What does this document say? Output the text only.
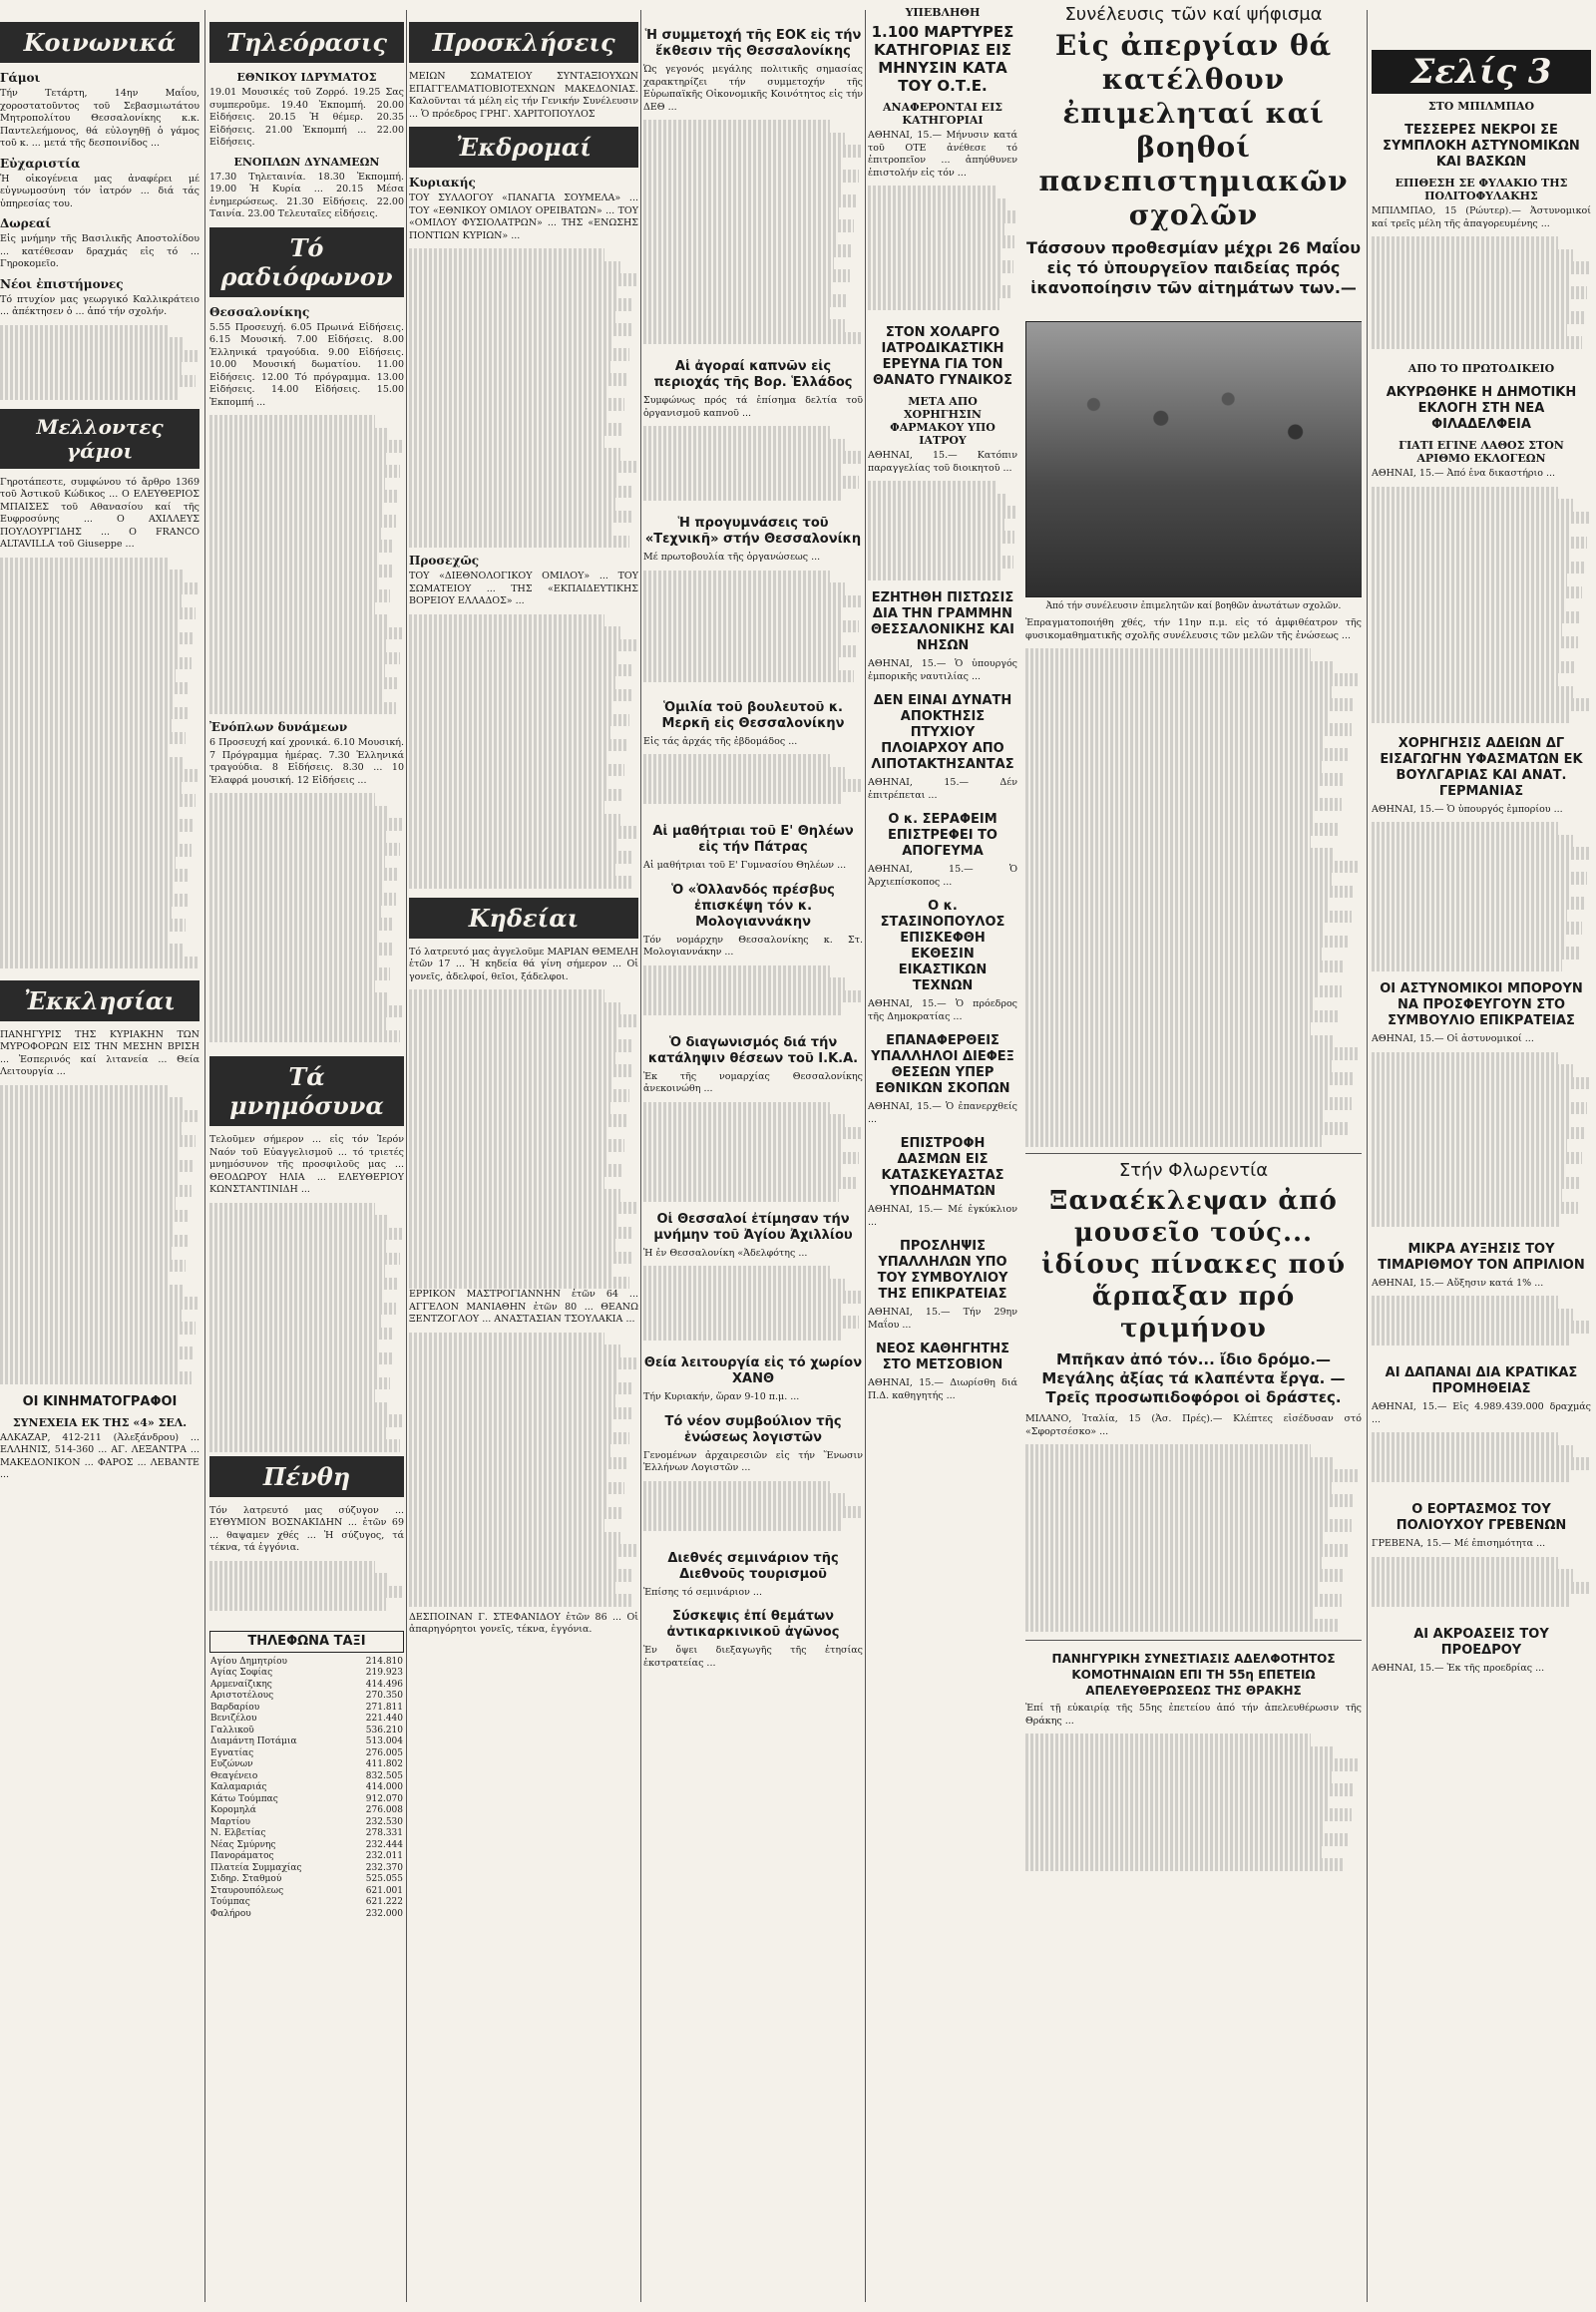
Κοινωνικά
Γάμοι

Τήν Τετάρτη, 14ην Μαΐου, χοροστατοῦντος τοῦ Σεβασμιωτάτου Μητροπολίτου Θεσσαλονίκης κ.κ. Παντελεήμονος, θά εὐλογηθῇ ὁ γάμος τοῦ κ. ... μετά τῆς δεσποινίδος ...

Εὐχαριστία

Ἡ οἰκογένεια μας ἀναφέρει μέ εὐγνωμοσύνη τόν ἰατρόν ... διά τάς ὑπηρεσίας του.

Δωρεαί

Εἰς μνήμην τῆς Βασιλικῆς Αποστολίδου ... κατέθεσαν δραχμάς εἰς τό ... Γηροκομεῖο.

Νέοι ἐπιστήμονες

Τό πτυχίον μας γεωργικό Καλλικράτειο ... ἀπέκτησεν ὁ ... ἀπό τήν σχολήν.

Μελλοντες γάμοι

Γηροτάπεστε, συμφώνου τό ἄρθρο 1369 τοῦ Ἀστικοῦ Κώδικος ... Ο ΕΛΕΥΘΕΡΙΟΣ ΜΠΑΙΣΕΣ τοῦ Αθανασίου καί τῆς Ευφροσύνης ... Ο ΑΧΙΛΛΕΥΣ ΠΟΥΛΟΥΡΓΙΔΗΣ ... Ο FRANCO ALTAVILLA τοῦ Giuseppe ...

Ἐκκλησίαι

ΠΑΝΗΓΥΡΙΣ ΤΗΣ ΚΥΡΙΑΚΗΝ ΤΩΝ ΜΥΡΟΦΟΡΩΝ ΕΙΣ ΤΗΝ ΜΕΣΗΝ ΒΡΙΣΗ ... Ἐσπερινός καί λιτανεία ... Θεία Λειτουργία ...

ΟΙ ΚΙΝΗΜΑΤΟΓΡΑΦΟΙ
ΣΥΝΕΧΕΙΑ ΕΚ ΤΗΣ «4» ΣΕΛ.

ΑΛΚΑΖΑΡ, 412-211 (Ἀλεξάνδρου) ... ΕΛΛΗΝΙΣ, 514-360 ... ΑΓ. ΛΕΞΑΝΤΡΑ ... ΜΑΚΕΔΟΝΙΚΟΝ ... ΦΑΡΟΣ ... ΛΕΒΑΝΤΕ ...

Τηλεόρασις
ΕΘΝΙΚΟΥ ΙΔΡΥΜΑΤΟΣ

19.01 Μουσικές τοῦ Ζορρό. 19.25 Σας συμπεροῦμε. 19.40 Ἐκπομπή. 20.00 Εἰδήσεις. 20.15 Ἡ θέμερ. 20.35 Εἰδήσεις. 21.00 Ἐκπομπή ... 22.00 Εἰδήσεις.

ΕΝΟΠΛΩΝ ΔΥΝΑΜΕΩΝ

17.30 Τηλεταινία. 18.30 Ἐκπομπή. 19.00 Ἡ Κυρία ... 20.15 Μέσα ἐνημερώσεως. 21.30 Εἰδήσεις. 22.00 Ταινία. 23.00 Τελευταῖες εἰδήσεις.

Τό ραδιόφωνον
Θεσσαλονίκης

5.55 Προσευχή. 6.05 Πρωινά Εἰδήσεις. 6.15 Μουσική. 7.00 Εἰδήσεις. 8.00 Ἑλληνικά τραγούδια. 9.00 Εἰδήσεις. 10.00 Μουσική δωματίου. 11.00 Εἰδήσεις. 12.00 Τό πρόγραμμα. 13.00 Εἰδήσεις. 14.00 Εἰδήσεις. 15.00 Ἐκπομπή ...

Ἐνόπλων δυνάμεων

6 Προσευχή καί χρονικά. 6.10 Μουσική. 7 Πρόγραμμα ἡμέρας. 7.30 Ἑλληνικά τραγούδια. 8 Εἰδήσεις. 8.30 ... 10 Ἐλαφρά μουσική. 12 Εἰδήσεις ...

Τά μνημόσυνα

Τελοῦμεν σήμερον ... εἰς τόν Ἱερόν Ναόν τοῦ Εὐαγγελισμοῦ ... τό τριετές μνημόσυνον τῆς προσφιλοῦς μας ... ΘΕΟΔΩΡΟΥ ΗΛΙΑ ... ΕΛΕΥΘΕΡΙΟΥ ΚΩΝΣΤΑΝΤΙΝΙΔΗ ...

Πένθη

Τόν λατρευτό μας σύζυγον ... ΕΥΘΥΜΙΟΝ ΒΟΣΝΑΚΙΔΗΝ ... ἐτῶν 69 ... θαψαμεν χθές ... Ἡ σύζυγος, τά τέκνα, τά ἐγγόνια.

ΤΗΛΕΦΩΝΑ ΤΑΞΙ
Αγίου Δημητρίου	214.810
Αγίας Σοφίας	219.923
Αρμεναίζικης	414.496
Αριστοτέλους	270.350
Βαρδαρίου	271.811
Βενιζέλου	221.440
Γαλλικοῦ	536.210
Διαμάντη Ποτάμια	513.004
Εγνατίας	276.005
Ευζώνων	411.802
Θεαγένειο	832.505
Καλαμαριάς	414.000
Κάτω Τούμπας	912.070
Κορομηλά	276.008
Μαρτίου	232.530
Ν. Ελβετίας	278.331
Νέας Σμύρνης	232.444
Πανοράματος	232.011
Πλατεία Συμμαχίας	232.370
Σιδηρ. Σταθμού	525.055
Σταυρουπόλεως	621.001
Τούμπας	621.222
Φαλήρου	232.000
Προσκλήσεις

ΜΕΙΩΝ ΣΩΜΑΤΕΙΟΥ ΣΥΝΤΑΞΙΟΥΧΩΝ ΕΠΑΓΓΕΛΜΑΤΙΟΒΙΟΤΕΧΝΩΝ ΜΑΚΕΔΟΝΙΑΣ. Καλοῦνται τά μέλη εἰς τήν Γενικήν Συνέλευσιν ... Ὁ πρόεδρος ΓΡΗΓ. ΧΑΡΙΤΟΠΟΥΛΟΣ

Ἐκδρομαί
Κυριακής

ΤΟΥ ΣΥΛΛΟΓΟΥ «ΠΑΝΑΓΙΑ ΣΟΥΜΕΛΑ» ... ΤΟΥ «ΕΘΝΙΚΟΥ ΟΜΙΛΟΥ ΟΡΕΙΒΑΤΩΝ» ... ΤΟΥ «ΟΜΙΛΟΥ ΦΥΣΙΟΛΑΤΡΩΝ» ... ΤΗΣ «ΕΝΩΣΗΣ ΠΟΝΤΙΩΝ ΚΥΡΙΩΝ» ...

Προσεχῶς

ΤΟΥ «ΔΙΕΘΝΟΛΟΓΙΚΟΥ ΟΜΙΛΟΥ» ... ΤΟΥ ΣΩΜΑΤΕΙΟΥ ... ΤΗΣ «ΕΚΠΑΙΔΕΥΤΙΚΗΣ ΒΟΡΕΙΟΥ ΕΛΛΑΔΟΣ» ...

Κηδείαι

Τό λατρευτό μας ἀγγελοῦμε ΜΑΡΙΑΝ ΘΕΜΕΛΗ ἐτῶν 17 ... Ἡ κηδεία θά γίνη σήμερον ... Οἱ γονεῖς, ἀδελφοί, θεῖοι, ξάδελφοι.

ΕΡΡΙΚΟΝ ΜΑΣΤΡΟΓΙΑΝΝΗΝ ἐτῶν 64 ... ΑΓΓΕΛΟΝ ΜΑΝΙΑΘΗΝ ἐτῶν 80 ... ΘΕΑΝΩ ΞΕΝΤΖΟΓΛΟΥ ... ΑΝΑΣΤΑΣΙΑΝ ΤΣΟΥΛΑΚΙΑ ...

ΔΕΣΠΟΙΝΑΝ Γ. ΣΤΕΦΑΝΙΔΟΥ ἐτῶν 86 ... Οἱ ἀπαρηγόρητοι γονεῖς, τέκνα, ἐγγόνια.

Ἡ συμμετοχή τῆς ΕΟΚ εἰς τήν ἔκθεσιν τῆς Θεσσαλονίκης

Ὡς γεγονός μεγάλης πολιτικῆς σημασίας χαρακτηρίζει τήν συμμετοχήν τῆς Εὐρωπαϊκῆς Οἰκονομικῆς Κοινότητος εἰς τήν ΔΕΘ ...

Αἱ ἀγοραί καπνῶν εἰς περιοχάς τῆς Βορ. Ἑλλάδος

Συμφώνως πρός τά ἐπίσημα δελτία τοῦ ὀργανισμοῦ καπνοῦ ...

Ἡ προγυμνάσεις τοῦ «Τεχνικῆ» στήν Θεσσαλονίκη

Μέ πρωτοβουλία τῆς ὀργανώσεως ...

Ὁμιλία τοῦ βουλευτοῦ κ. Μερκῆ εἰς Θεσσαλονίκην

Εἰς τάς ἀρχάς τῆς ἐβδομάδος ...

Αἱ μαθήτριαι τοῦ Ε' Θηλέων εἰς τήν Πάτρας

Αἱ μαθήτριαι τοῦ Ε' Γυμνασίου Θηλέων ...

Ὁ «Ὀλλανδός πρέσβυς ἐπισκέψη τόν κ. Μολογιαννάκην

Τόν νομάρχην Θεσσαλονίκης κ. Στ. Μολογιαννάκην ...

Ὁ διαγωνισμός διά τήν κατάληψιν θέσεων τοῦ Ι.Κ.Α.

Ἐκ τῆς νομαρχίας Θεσσαλονίκης ἀνεκοινώθη ...

Οἱ Θεσσαλοί ἐτίμησαν τήν μνήμην τοῦ Ἀγίου Ἀχιλλίου

Ἡ ἐν Θεσσαλονίκη «Ἀδελφότης ...

Θεία λειτουργία εἰς τό χωρίον ΧΑΝΘ

Τήν Κυριακήν, ὥραν 9-10 π.μ. ...

Τό νέον συμβούλιον τῆς ἑνώσεως λογιστῶν

Γενομένων ἀρχαιρεσιῶν εἰς τήν Ἕνωσιν Ἑλλήνων Λογιστῶν ...

Διεθνές σεμινάριον τῆς Διεθνοῦς τουρισμοῦ

Ἐπίσης τό σεμινάριον ...

Σύσκεψις ἐπί θεμάτων ἀντικαρκινικοῦ ἀγῶνος

Ἐν ὄψει διεξαγωγῆς τῆς ἐτησίας ἐκστρατείας ...

ΥΠΕΒΛΗΘΗ
1.100 ΜΑΡΤΥΡΕΣ ΚΑΤΗΓΟΡΙΑΣ ΕΙΣ ΜΗΝΥΣΙΝ ΚΑΤΑ ΤΟΥ Ο.Τ.Ε.
ΑΝΑΦΕΡΟΝΤΑΙ ΕΙΣ ΚΑΤΗΓΟΡΙΑΙ

ΑΘΗΝΑΙ, 15.— Μήνυσιν κατά τοῦ ΟΤΕ ἀνέθεσε τό ἐπιτροπεῖον ... ἀπηύθυνεν ἐπιστολήν εἰς τόν ...

Συνέλευσις τῶν καί ψήφισμα
Εἰς ἀπεργίαν θά κατέλθουν ἐπιμεληταί καί βοηθοί πανεπιστημιακῶν σχολῶν
Τάσσουν προθεσμίαν μέχρι 26 Μαΐου εἰς τό ὑπουργεῖον παιδείας πρός ἱκανοποίησιν τῶν αἰτημάτων των.—
ΣΤΟΝ ΧΟΛΑΡΓΟ ΙΑΤΡΟΔΙΚΑΣΤΙΚΗ ΕΡΕΥΝΑ ΓΙΑ ΤΟΝ ΘΑΝΑΤΟ ΓΥΝΑΙΚΟΣ
ΜΕΤΑ ΑΠΟ ΧΟΡΗΓΗΣΙΝ ΦΑΡΜΑΚΟΥ ΥΠΟ ΙΑΤΡΟΥ

ΑΘΗΝΑΙ, 15.— Κατόπιν παραγγελίας τοῦ διοικητοῦ ...

ΕΖΗΤΗΘΗ ΠΙΣΤΩΣΙΣ ΔΙΑ ΤΗΝ ΓΡΑΜΜΗΝ ΘΕΣΣΑΛΟΝΙΚΗΣ ΚΑΙ ΝΗΣΩΝ

ΑΘΗΝΑΙ, 15.— Ὁ ὑπουργός ἐμπορικῆς ναυτιλίας ...

ΔΕΝ ΕΙΝΑΙ ΔΥΝΑΤΗ ΑΠΟΚΤΗΣΙΣ ΠΤΥΧΙΟΥ ΠΛΟΙΑΡΧΟΥ ΑΠΟ ΛΙΠΟΤΑΚΤΗΣΑΝΤΑΣ

ΑΘΗΝΑΙ, 15.— Δέν ἐπιτρέπεται ...

Ο κ. ΣΕΡΑΦΕΙΜ ΕΠΙΣΤΡΕΦΕΙ ΤΟ ΑΠΟΓΕΥΜΑ

ΑΘΗΝΑΙ, 15.— Ὁ Ἀρχιεπίσκοπος ...

Ο κ. ΣΤΑΣΙΝΟΠΟΥΛΟΣ ΕΠΙΣΚΕΦΘΗ ΕΚΘΕΣΙΝ ΕΙΚΑΣΤΙΚΩΝ ΤΕΧΝΩΝ

ΑΘΗΝΑΙ, 15.— Ὁ πρόεδρος τῆς Δημοκρατίας ...

ΕΠΑΝΑΦΕΡΘΕΙΣ ΥΠΑΛΛΗΛΟΙ ΔΙΕΦΕΞ ΘΕΣΕΩΝ ΥΠΕΡ ΕΘΝΙΚΩΝ ΣΚΟΠΩΝ

ΑΘΗΝΑΙ, 15.— Ὁ ἐπανερχθείς ...

ΕΠΙΣΤΡΟΦΗ ΔΑΣΜΩΝ ΕΙΣ ΚΑΤΑΣΚΕΥΑΣΤΑΣ ΥΠΟΔΗΜΑΤΩΝ

ΑΘΗΝΑΙ, 15.— Μέ ἐγκύκλιον ...

ΠΡΟΣΛΗΨΙΣ ΥΠΑΛΛΗΛΩΝ ΥΠΟ ΤΟΥ ΣΥΜΒΟΥΛΙΟΥ ΤΗΣ ΕΠΙΚΡΑΤΕΙΑΣ

ΑΘΗΝΑΙ, 15.— Τήν 29ην Μαΐου ...

ΝΕΟΣ ΚΑΘΗΓΗΤΗΣ ΣΤΟ ΜΕΤΣΟΒΙΟΝ

ΑΘΗΝΑΙ, 15.— Διωρίσθη διά Π.Δ. καθηγητής ...

Ἀπό τήν συνέλευσιν ἐπιμελητῶν καί βοηθῶν ἀνωτάτων σχολῶν.

Ἐπραγματοποιήθη χθές, τήν 11ην π.μ. εἰς τό ἀμφιθέατρον τῆς φυσικομαθηματικῆς σχολῆς συνέλευσις τῶν μελῶν τῆς ἑνώσεως ...

Στήν Φλωρεντία
Ξαναέκλεψαν ἀπό μουσεῖο τούς... ἰδίους πίνακες πού ἅρπαξαν πρό τριμήνου
Μπῆκαν ἀπό τόν... ἴδιο δρόμο.— Μεγάλης ἀξίας τά κλαπέντα ἔργα. — Τρεῖς προσωπιδοφόροι οἱ δράστες.

ΜΙΛΑΝΟ, Ἰταλία, 15 (Ἀσ. Πρές).— Κλέπτες εἰσέδυσαν στό «Σφορτσέσκο» ...

ΠΑΝΗΓΥΡΙΚΗ ΣΥΝΕΣΤΙΑΣΙΣ ΑΔΕΛΦΟΤΗΤΟΣ ΚΟΜΟΤΗΝΑΙΩΝ ΕΠΙ ΤΗ 55η ΕΠΕΤΕΙΩ ΑΠΕΛΕΥΘΕΡΩΣΕΩΣ ΤΗΣ ΘΡΑΚΗΣ

Ἐπί τῇ εὐκαιρίᾳ τῆς 55ης ἐπετείου ἀπό τήν ἀπελευθέρωσιν τῆς Θράκης ...

Σελίς 3
ΣΤΟ ΜΠΙΛΜΠΑΟ
ΤΕΣΣΕΡΕΣ ΝΕΚΡΟΙ ΣΕ ΣΥΜΠΛΟΚΗ ΑΣΤΥΝΟΜΙΚΩΝ ΚΑΙ ΒΑΣΚΩΝ
ΕΠΙΘΕΣΗ ΣΕ ΦΥΛΑΚΙΟ ΤΗΣ ΠΟΛΙΤΟΦΥΛΑΚΗΣ

ΜΠΙΛΜΠΑΟ, 15 (Ρώυτερ).— Ἀστυνομικοί καί τρεῖς μέλη τῆς ἀπαγορευμένης ...

ΑΠΟ ΤΟ ΠΡΩΤΟΔΙΚΕΙΟ
ΑΚΥΡΩΘΗΚΕ Η ΔΗΜΟΤΙΚΗ ΕΚΛΟΓΗ ΣΤΗ ΝΕΑ ΦΙΛΑΔΕΛΦΕΙΑ
ΓΙΑΤΙ ΕΓΙΝΕ ΛΑΘΟΣ ΣΤΟΝ ΑΡΙΘΜΟ ΕΚΛΟΓΕΩΝ

ΑΘΗΝΑΙ, 15.— Ἀπό ἑνα δικαστήριο ...

ΧΟΡΗΓΗΣΙΣ ΑΔΕΙΩΝ ΔΓ ΕΙΣΑΓΩΓΗΝ ΥΦΑΣΜΑΤΩΝ ΕΚ ΒΟΥΛΓΑΡΙΑΣ ΚΑΙ ΑΝΑΤ. ΓΕΡΜΑΝΙΑΣ

ΑΘΗΝΑΙ, 15.— Ὁ ὑπουργός ἐμπορίου ...

ΟΙ ΑΣΤΥΝΟΜΙΚΟΙ ΜΠΟΡΟΥΝ ΝΑ ΠΡΟΣΦΕΥΓΟΥΝ ΣΤΟ ΣΥΜΒΟΥΛΙΟ ΕΠΙΚΡΑΤΕΙΑΣ

ΑΘΗΝΑΙ, 15.— Οἱ ἀστυνομικοί ...

ΜΙΚΡΑ ΑΥΞΗΣΙΣ ΤΟΥ ΤΙΜΑΡΙΘΜΟΥ ΤΟΝ ΑΠΡΙΛΙΟΝ

ΑΘΗΝΑΙ, 15.— Αὔξησιν κατά 1% ...

ΑΙ ΔΑΠΑΝΑΙ ΔΙΑ ΚΡΑΤΙΚΑΣ ΠΡΟΜΗΘΕΙΑΣ

ΑΘΗΝΑΙ, 15.— Εἰς 4.989.439.000 δραχμάς ...

Ο ΕΟΡΤΑΣΜΟΣ ΤΟΥ ΠΟΛΙΟΥΧΟΥ ΓΡΕΒΕΝΩΝ

ΓΡΕΒΕΝΑ, 15.— Μέ ἐπισημότητα ...

ΑΙ ΑΚΡΟΑΣΕΙΣ ΤΟΥ ΠΡΟΕΔΡΟΥ

ΑΘΗΝΑΙ, 15.— Ἐκ τῆς προεδρίας ...
